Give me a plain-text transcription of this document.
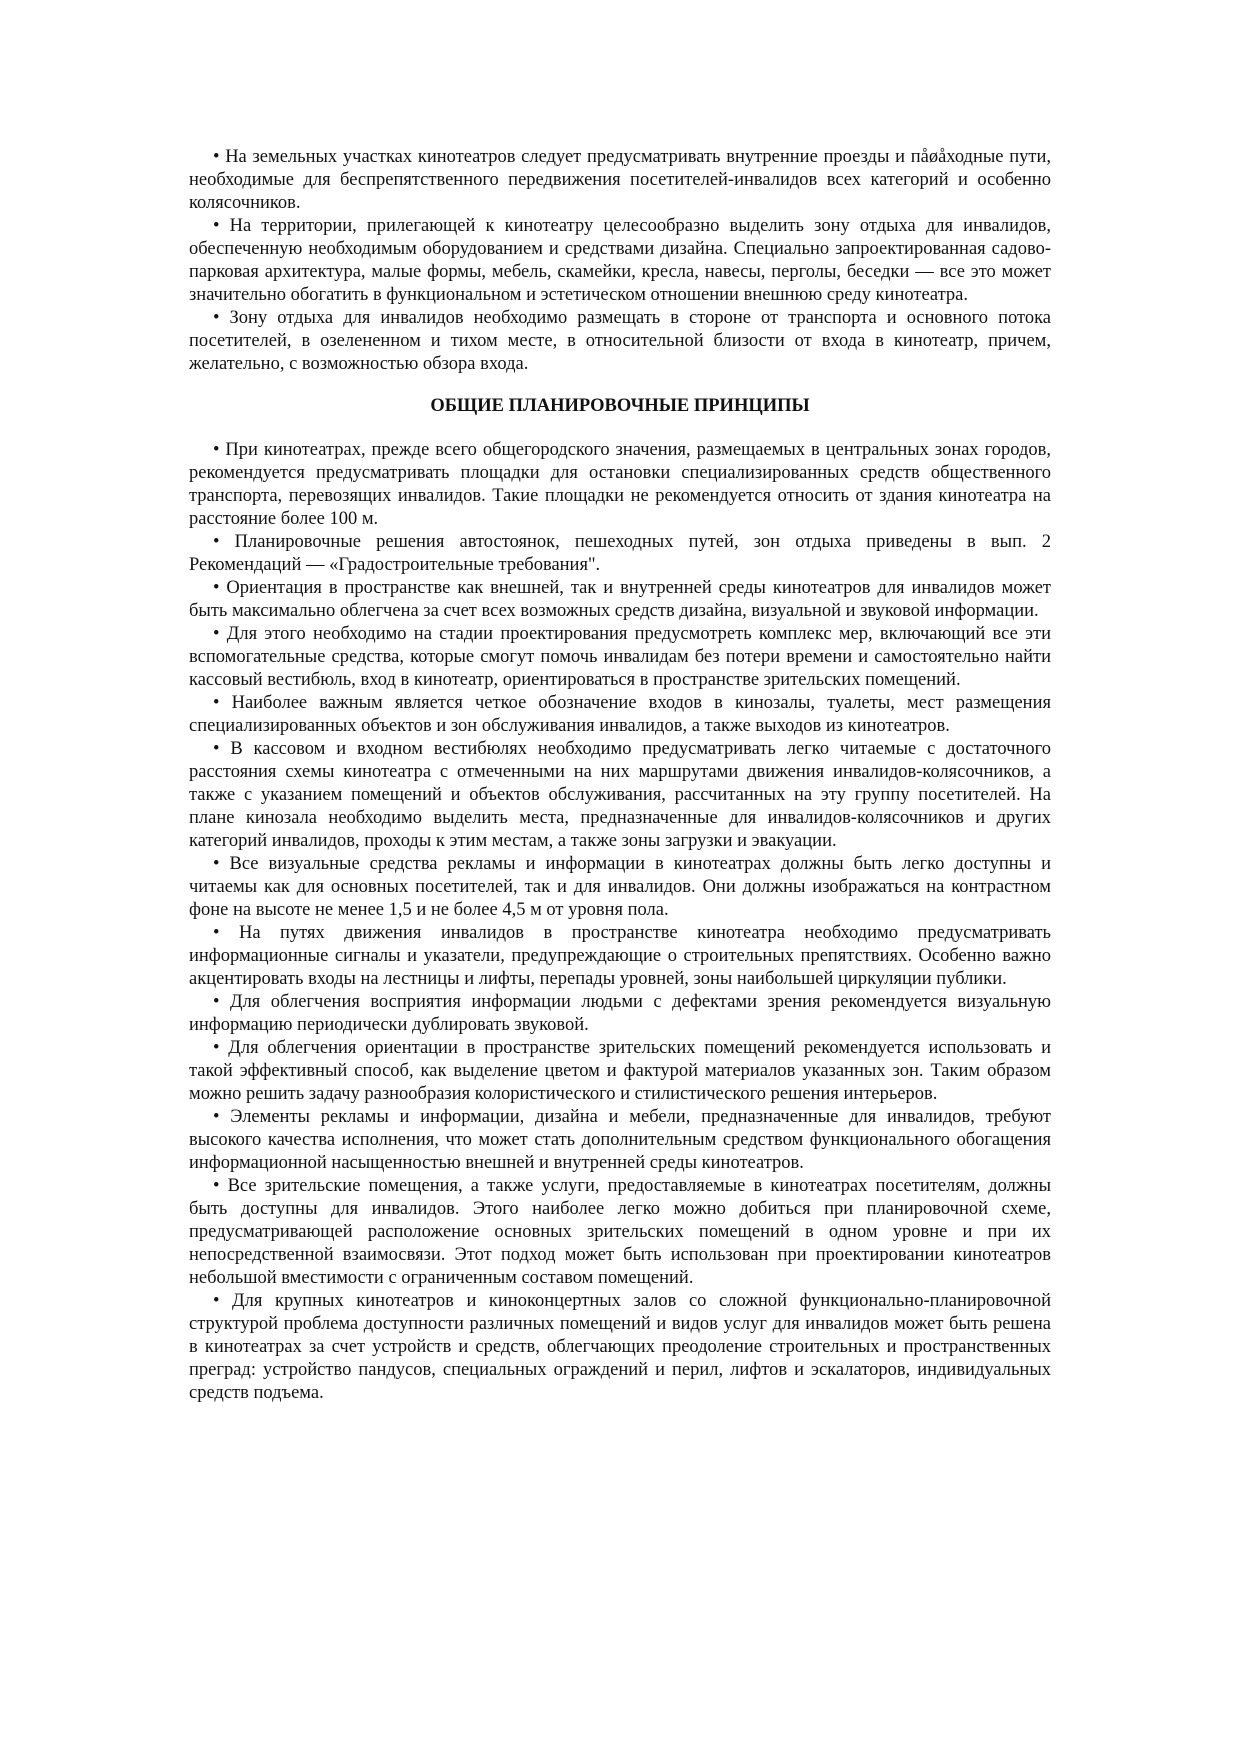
• На земельных участках кинотеатров следует предусматривать внутренние проезды и пåøåходные пути, необходимые для беспрепятственного передвижения посетителей-инвалидов всех категорий и особенно колясочников.

• На территории, прилегающей к кинотеатру целесообразно выделить зону отдыха для инвалидов, обеспеченную необходимым оборудованием и средствами дизайна. Специально запроектированная садово-парковая архитектура, малые формы, мебель, скамейки, кресла, навесы, перголы, беседки — все это может значительно обогатить в функциональном и эстетическом отношении внешнюю среду кинотеатра.

• Зону отдыха для инвалидов необходимо размещать в стороне от транспорта и основного потока посетителей, в озелененном и тихом месте, в относительной близости от входа в кинотеатр, причем, желательно, с возможностью обзора входа.

ОБЩИЕ ПЛАНИРОВОЧНЫЕ ПРИНЦИПЫ

• При кинотеатрах, прежде всего общегородского значения, размещаемых в центральных зонах городов, рекомендуется предусматривать площадки для остановки специализированных средств общественного транспорта, перевозящих инвалидов. Такие площадки не рекомендуется относить от здания кинотеатра на расстояние более 100 м.

• Планировочные решения автостоянок, пешеходных путей, зон отдыха приведены в вып. 2 Рекомендаций — «Градостроительные требования".

• Ориентация в пространстве как внешней, так и внутренней среды кинотеатров для инвалидов может быть максимально облегчена за счет всех возможных средств дизайна, визуальной и звуковой информации.

• Для этого необходимо на стадии проектирования предусмотреть комплекс мер, включающий все эти вспомогательные средства, которые смогут помочь инвалидам без потери времени и самостоятельно найти кассовый вестибюль, вход в кинотеатр, ориентироваться в пространстве зрительских помещений.

• Наиболее важным является четкое обозначение входов в кинозалы, туалеты, мест размещения специализированных объектов и зон обслуживания инвалидов, а также выходов из кинотеатров.

• В кассовом и входном вестибюлях необходимо предусматривать легко читаемые с достаточного расстояния схемы кинотеатра с отмеченными на них маршрутами движения инвалидов-колясочников, а также с указанием помещений и объектов обслуживания, рассчитанных на эту группу посетителей. На плане кинозала необходимо выделить места, предназначенные для инвалидов-колясочников и других категорий инвалидов, проходы к этим местам, а также зоны загрузки и эвакуации.

• Все визуальные средства рекламы и информации в кинотеатрах должны быть легко доступны и читаемы как для основных посетителей, так и для инвалидов. Они должны изображаться на контрастном фоне на высоте не менее 1,5 и не более 4,5 м от уровня пола.

• На путях движения инвалидов в пространстве кинотеатра необходимо предусматривать информационные сигналы и указатели, предупреждающие о строительных препятствиях. Особенно важно акцентировать входы на лестницы и лифты, перепады уровней, зоны наибольшей циркуляции публики.

• Для облегчения восприятия информации людьми с дефектами зрения рекомендуется визуальную информацию периодически дублировать звуковой.

• Для облегчения ориентации в пространстве зрительских помещений рекомендуется использовать и такой эффективный способ, как выделение цветом и фактурой материалов указанных зон. Таким образом можно решить задачу разнообразия колористического и стилистического решения интерьеров.

• Элементы рекламы и информации, дизайна и мебели, предназначенные для инвалидов, требуют высокого качества исполнения, что может стать дополнительным средством функционального обогащения информационной насыщенностью внешней и внутренней среды кинотеатров.

• Все зрительские помещения, а также услуги, предоставляемые в кинотеатрах посетителям, должны быть доступны для инвалидов. Этого наиболее легко можно добиться при планировочной схеме, предусматривающей расположение основных зрительских помещений в одном уровне и при их непосредственной взаимосвязи. Этот подход может быть использован при проектировании кинотеатров небольшой вместимости с ограниченным составом помещений.

• Для крупных кинотеатров и киноконцертных залов со сложной функционально-планировочной структурой проблема доступности различных помещений и видов услуг для инвалидов может быть решена в кинотеатрах за счет устройств и средств, облегчающих преодоление строительных и пространственных преград: устройство пандусов, специальных ограждений и перил, лифтов и эскалаторов, индивидуальных средств подъема.
